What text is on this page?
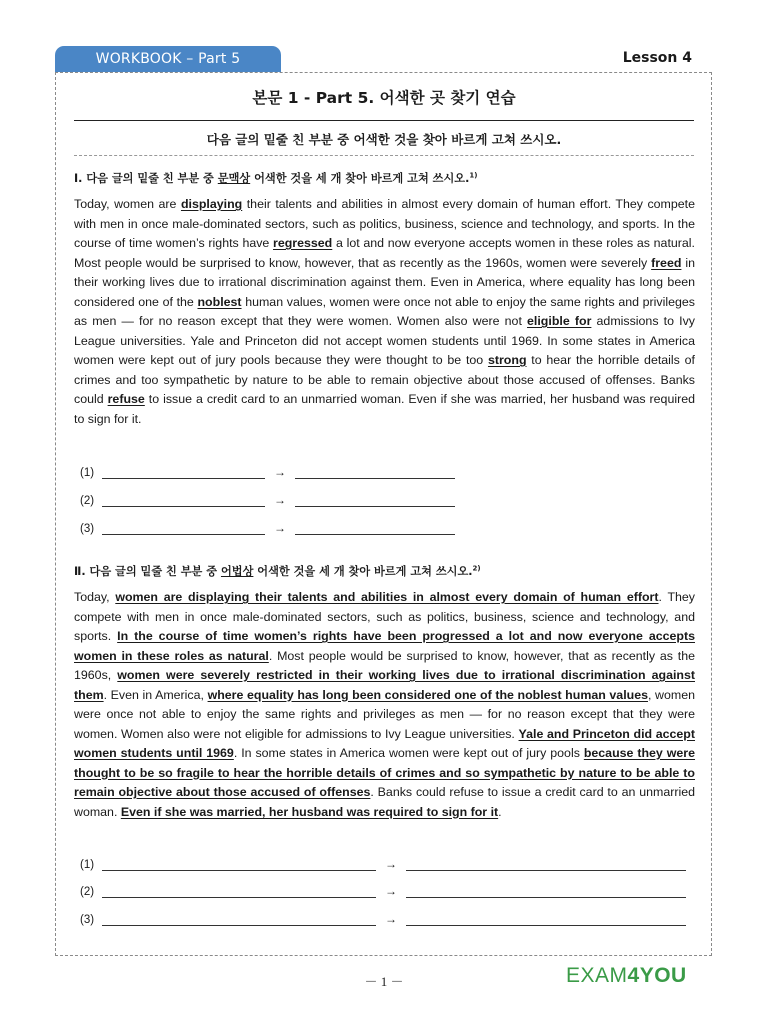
WORKBOOK – Part 5	Lesson 4
본문 1 - Part 5. 어색한 곳 찾기 연습
다음 글의 밑줄 친 부분 중 어색한 것을 찾아 바르게 고쳐 쓰시오.
Ⅰ. 다음 글의 밑줄 친 부분 중 문맥상 어색한 것을 세 개 찾아 바르게 고쳐 쓰시오.$^{1)}$

Today, women are displaying their talents and abilities in almost every domain of human effort. They compete with men in once male-dominated sectors, such as politics, business, science and technology, and sports. In the course of time women’s rights have regressed a lot and now everyone accepts women in these roles as natural. Most people would be surprised to know, however, that as recently as the 1960s, women were severely freed in their working lives due to irrational discrimination against them. Even in America, where equality has long been considered one of the noblest human values, women were once not able to enjoy the same rights and privileges as men — for no reason except that they were women. Women also were not eligible for admissions to Ivy League universities. Yale and Princeton did not accept women students until 1969. In some states in America women were kept out of jury pools because they were thought to be too strong to hear the horrible details of crimes and too sympathetic by nature to be able to remain objective about those accused of offenses. Banks could refuse to issue a credit card to an unmarried woman. Even if she was married, her husband was required to sign for it.

(1)	→
(2)	→
(3)	→
Ⅱ. 다음 글의 밑줄 친 부분 중 어법상 어색한 것을 세 개 찾아 바르게 고쳐 쓰시오.$^{2)}$

Today, women are displaying their talents and abilities in almost every domain of human effort. They compete with men in once male-dominated sectors, such as politics, business, science and technology, and sports. In the course of time women’s rights have been progressed a lot and now everyone accepts women in these roles as natural. Most people would be surprised to know, however, that as recently as the 1960s, women were severely restricted in their working lives due to irrational discrimination against them. Even in America, where equality has long been considered one of the noblest human values, women were once not able to enjoy the same rights and privileges as men — for no reason except that they were women. Women also were not eligible for admissions to Ivy League universities. Yale and Princeton did accept women students until 1969. In some states in America women were kept out of jury pools because they were thought to be so fragile to hear the horrible details of crimes and so sympathetic by nature to be able to remain objective about those accused of offenses. Banks could refuse to issue a credit card to an unmarried woman. Even if she was married, her husband was required to sign for it.

(1)	→
(2)	→
(3)	→
－ 1 －	EXAM4YOU
